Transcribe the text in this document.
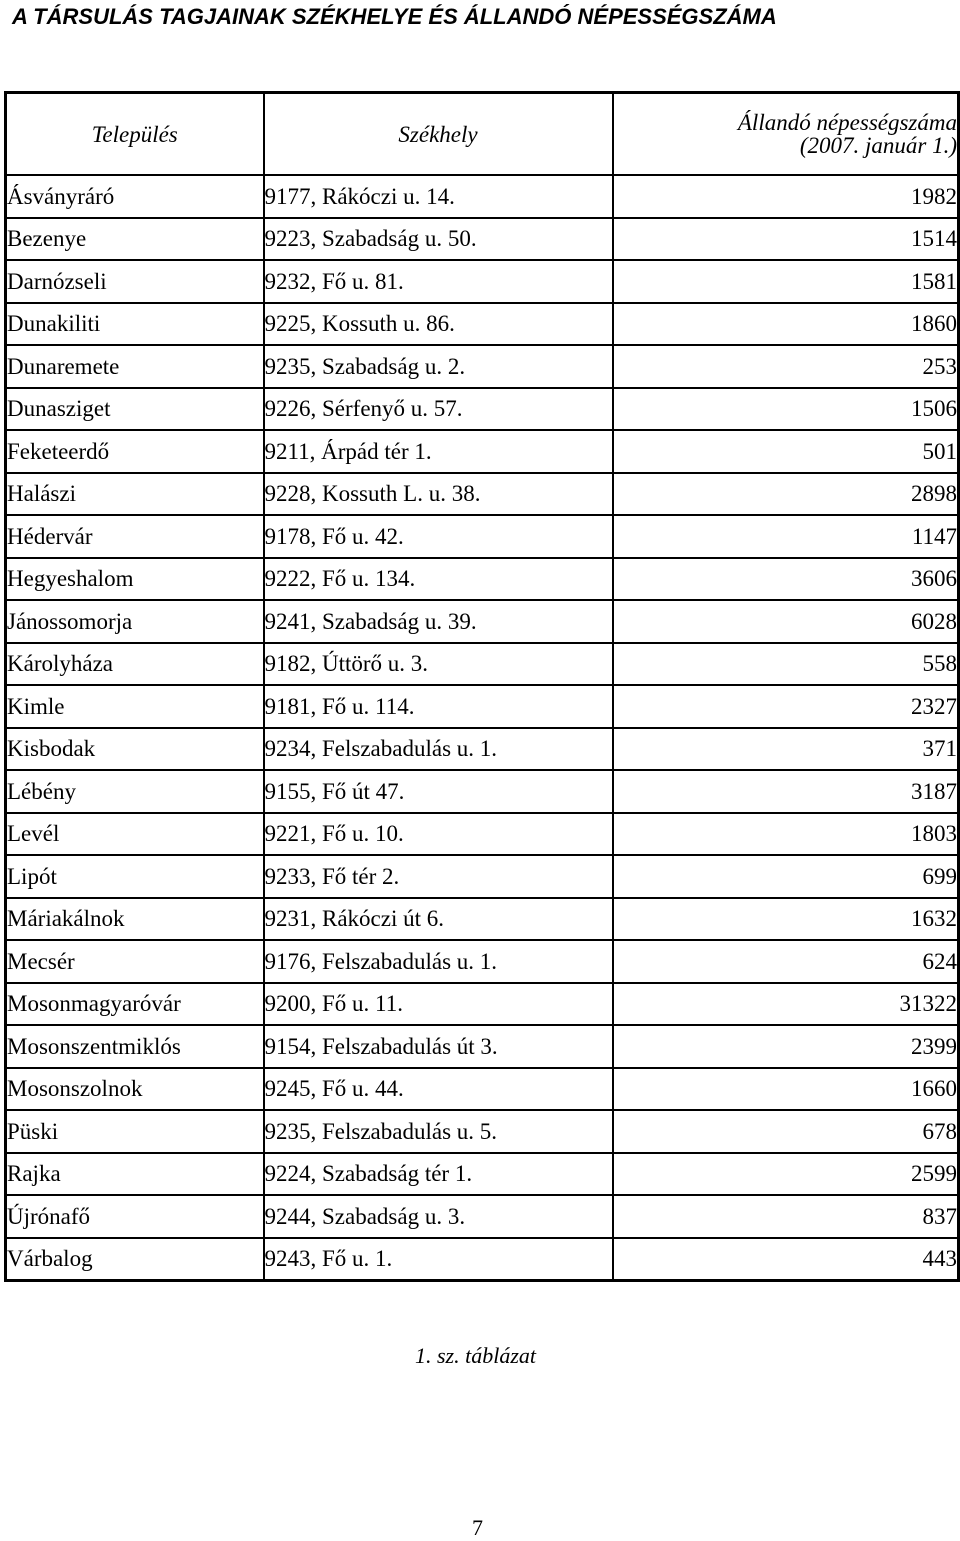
A TÁRSULÁS TAGJAINAK SZÉKHELYE ÉS ÁLLANDÓ NÉPESSÉGSZÁMA
Település	Székhely	Állandó népességszáma
(2007. január 1.)
Ásványráró	9177, Rákóczi u. 14.	1982
Bezenye	9223, Szabadság u. 50.	1514
Darnózseli	9232, Fő u. 81.	1581
Dunakiliti	9225, Kossuth u. 86.	1860
Dunaremete	9235, Szabadság u. 2.	253
Dunasziget	9226, Sérfenyő u. 57.	1506
Feketeerdő	9211, Árpád tér 1.	501
Halászi	9228, Kossuth L. u. 38.	2898
Hédervár	9178, Fő u. 42.	1147
Hegyeshalom	9222, Fő u. 134.	3606
Jánossomorja	9241, Szabadság u. 39.	6028
Károlyháza	9182, Úttörő u. 3.	558
Kimle	9181, Fő u. 114.	2327
Kisbodak	9234, Felszabadulás u. 1.	371
Lébény	9155, Fő út 47.	3187
Levél	9221, Fő u. 10.	1803
Lipót	9233, Fő tér 2.	699
Máriakálnok	9231, Rákóczi út 6.	1632
Mecsér	9176, Felszabadulás u. 1.	624
Mosonmagyaróvár	9200, Fő u. 11.	31322
Mosonszentmiklós	9154, Felszabadulás út 3.	2399
Mosonszolnok	9245, Fő u. 44.	1660
Püski	9235, Felszabadulás u. 5.	678
Rajka	9224, Szabadság tér 1.	2599
Újrónafő	9244, Szabadság u. 3.	837
Várbalog	9243, Fő u. 1.	443
1. sz. táblázat
7
